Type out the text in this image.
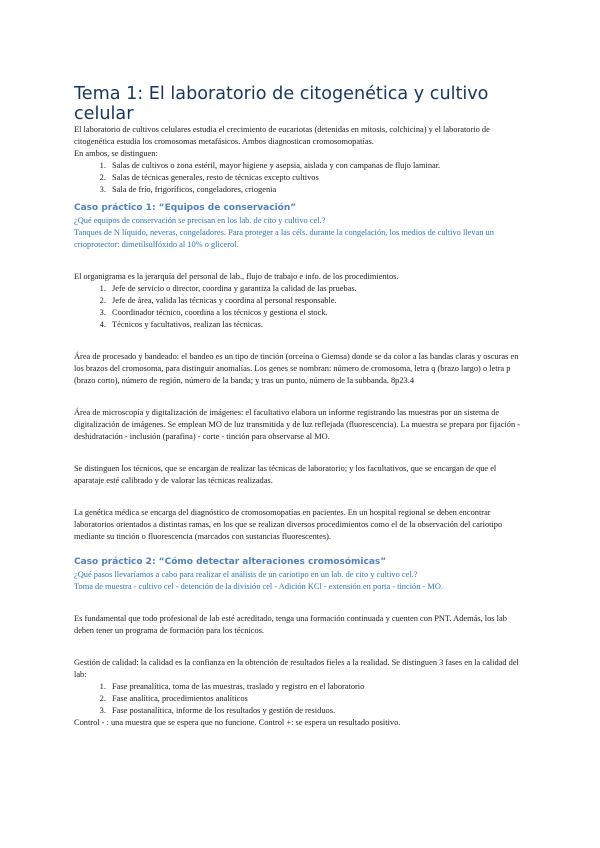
Tema 1: El laboratorio de citogenética y cultivo celular

El laboratorio de cultivos celulares estudia el crecimiento de eucariotas (detenidas en mitosis, colchicina) y el laboratorio de citogenética estudia los cromosomas metafásicos. Ambos diagnostican cromosomopatías.

En ambos, se distinguen:

1. Salas de cultivos o zona estéril, mayor higiene y asepsia, aislada y con campanas de flujo laminar.
2. Salas de técnicas generales, resto de técnicas excepto cultivos
3. Sala de frío, frigoríficos, congeladores, criogenia
Caso práctico 1: “Equipos de conservación”

¿Qué equipos de conservación se precisan en los lab. de cito y cultivo cel.?

Tanques de N líquido, neveras, congeladores. Para proteger a las céls. durante la congelación, los medios de cultivo llevan un crioprotector: dimetilsulfóxido al 10% o glicerol.

El organigrama es la jerarquía del personal de lab., flujo de trabajo e info. de los procedimientos.

1. Jefe de servicio o director, coordina y garantiza la calidad de las pruebas.
2. Jefe de área, valida las técnicas y coordina al personal responsable.
3. Coordinador técnico, coordina a los técnicos y gestiona el stock.
4. Técnicos y facultativos, realizan las técnicas.

Área de procesado y bandeado: el bandeo es un tipo de tinción (orceína o Giemsa) donde se da color a las bandas claras y oscuras en los brazos del cromosoma, para distinguir anomalías. Los genes se nombran: número de cromosoma, letra q (brazo largo) o letra p (brazo corto), número de región, número de la banda; y tras un punto, número de la subbanda. 8p23.4

Área de microscopía y digitalización de imágenes: el facultativo elabora un informe registrando las muestras por un sistema de digitalización de imágenes. Se emplean MO de luz transmitida y de luz reflejada (fluorescencia). La muestra se prepara por fijación - deshidratación - inclusión (parafina) - corte - tinción para observarse al MO.

Se distinguen los técnicos, que se encargan de realizar las técnicas de laboratorio; y los facultativos, que se encargan de que el aparataje esté calibrado y de valorar las técnicas realizadas.

La genética médica se encarga del diagnóstico de cromosomopatías en pacientes. En un hospital regional se deben encontrar laboratorios orientados a distintas ramas, en los que se realizan diversos procedimientos como el de la observación del cariotipo mediante su tinción o fluorescencia (marcados con sustancias fluorescentes).

Caso práctico 2: “Cómo detectar alteraciones cromosómicas”

¿Qué pasos llevaríamos a cabo para realizar el análisis de un cariotipo en un lab. de cito y cultivo cel.?

Toma de muestra - cultivo cel - detención de la división cel - Adición KCl - extensión en porta - tinción - MO.

Es fundamental que todo profesional de lab esté acreditado, tenga una formación continuada y cuenten con PNT. Además, los lab deben tener un programa de formación para los técnicos.

Gestión de calidad: la calidad es la confianza en la obtención de resultados fieles a la realidad. Se distinguen 3 fases en la calidad del lab:

1. Fase preanalítica, toma de las muestras, traslado y registro en el laboratorio
2. Fase analítica, procedimientos analíticos
3. Fase postanalítica, informe de los resultados y gestión de residuos.

Control - : una muestra que se espera que no funcione. Control +: se espera un resultado positivo.
